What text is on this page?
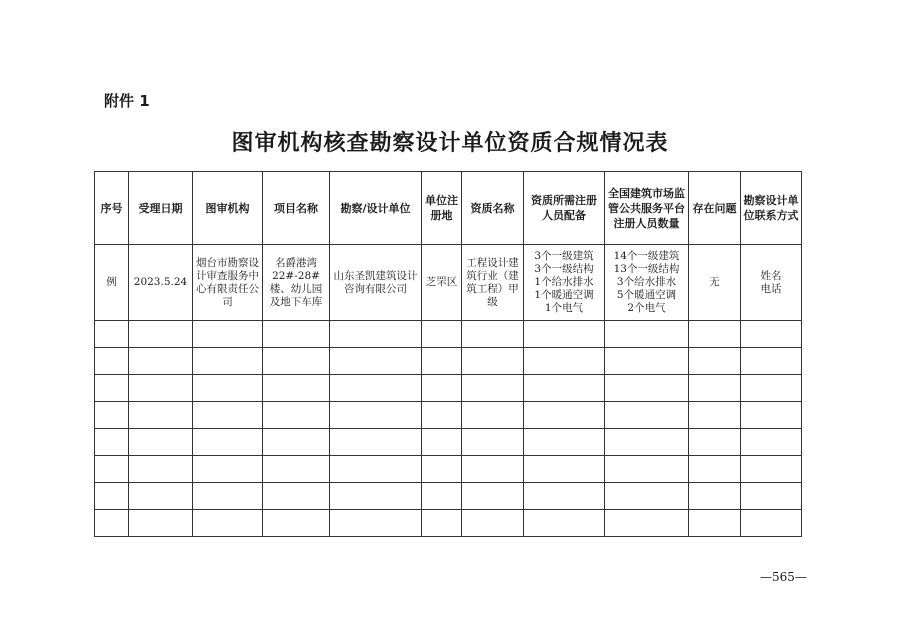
附件 1
图审机构核查勘察设计单位资质合规情况表
序号	受理日期	图审机构	项目名称	勘察/设计单位	单位注册地	资质名称	资质所需注册人员配备	全国建筑市场监管公共服务平台注册人员数量	存在问题	勘察设计单位联系方式
例	2023.5.24	烟台市勘察设计审查服务中心有限责任公司	名爵港湾22#-28#楼、幼儿园及地下车库	山东圣凯建筑设计咨询有限公司	芝罘区	工程设计建筑行业（建筑工程）甲级	3个一级建筑
3个一级结构
1个给水排水
1个暖通空调
1个电气	14个一级建筑
13个一级结构
3个给水排水
5个暖通空调
2个电气	无	姓名
电话

—565—
